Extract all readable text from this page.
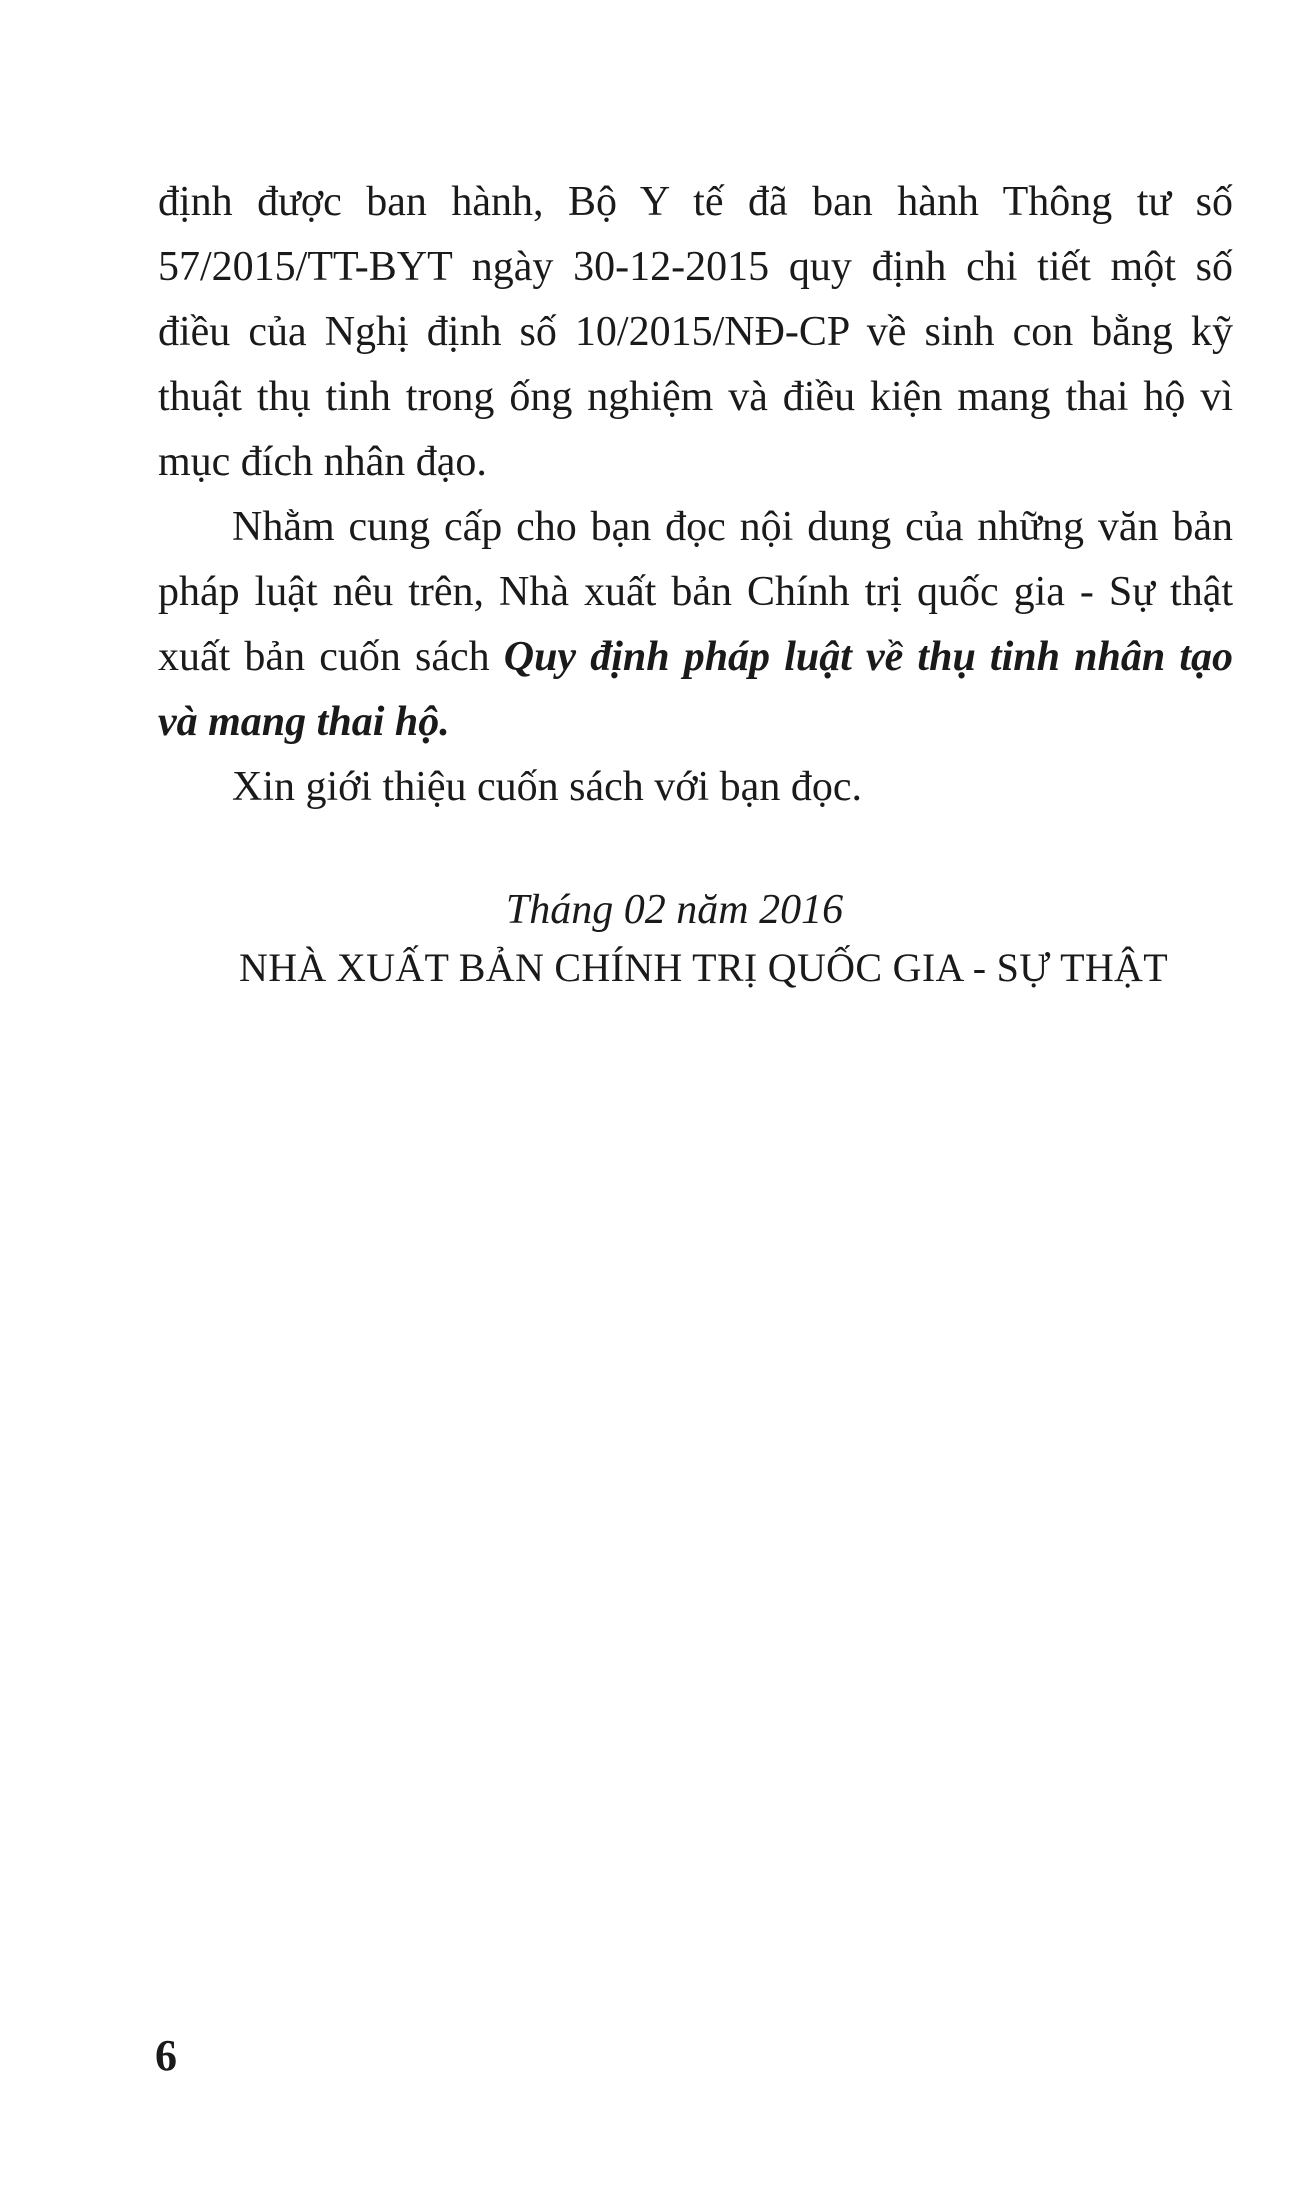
định được ban hành, Bộ Y tế đã ban hành Thông tư số 57/2015/TT-BYT ngày 30-12-2015 quy định chi tiết một số điều của Nghị định số 10/2015/NĐ-CP về sinh con bằng kỹ thuật thụ tinh trong ống nghiệm và điều kiện mang thai hộ vì mục đích nhân đạo.

Nhằm cung cấp cho bạn đọc nội dung của những văn bản pháp luật nêu trên, Nhà xuất bản Chính trị quốc gia - Sự thật xuất bản cuốn sách Quy định pháp luật về thụ tinh nhân tạo và mang thai hộ.

Xin giới thiệu cuốn sách với bạn đọc.

Tháng 02 năm 2016
NHÀ XUẤT BẢN CHÍNH TRỊ QUỐC GIA - SỰ THẬT
6
